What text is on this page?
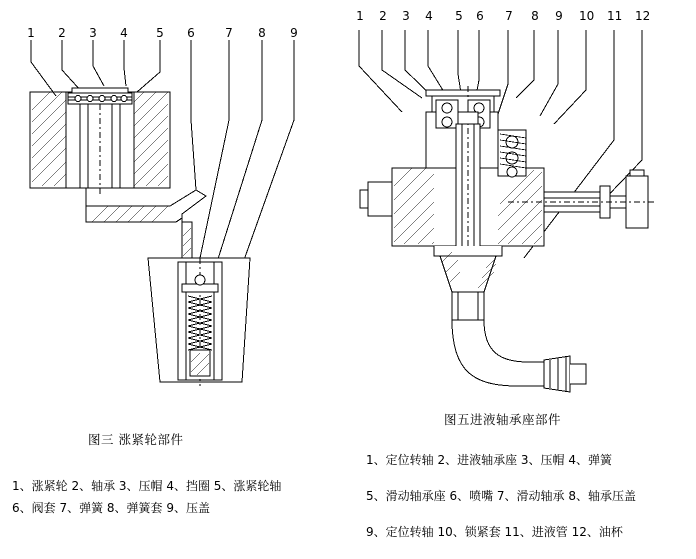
1 2 3 4 5 6	7 8 9
图三 涨紧轮部件
1、涨紧轮 2、轴承 3、压帽 4、挡圈 5、涨紧轮轴
6、阀套 7、弹簧 8、弹簧套 9、压盖
1 2 3 4 5 6 7 8 9 10 11 12
图五进液轴承座部件
1、定位转轴 2、进液轴承座 3、压帽 4、弹簧
5、滑动轴承座 6、喷嘴 7、滑动轴承 8、轴承压盖
9、定位转轴 10、锁紧套 11、进液管 12、油杯
